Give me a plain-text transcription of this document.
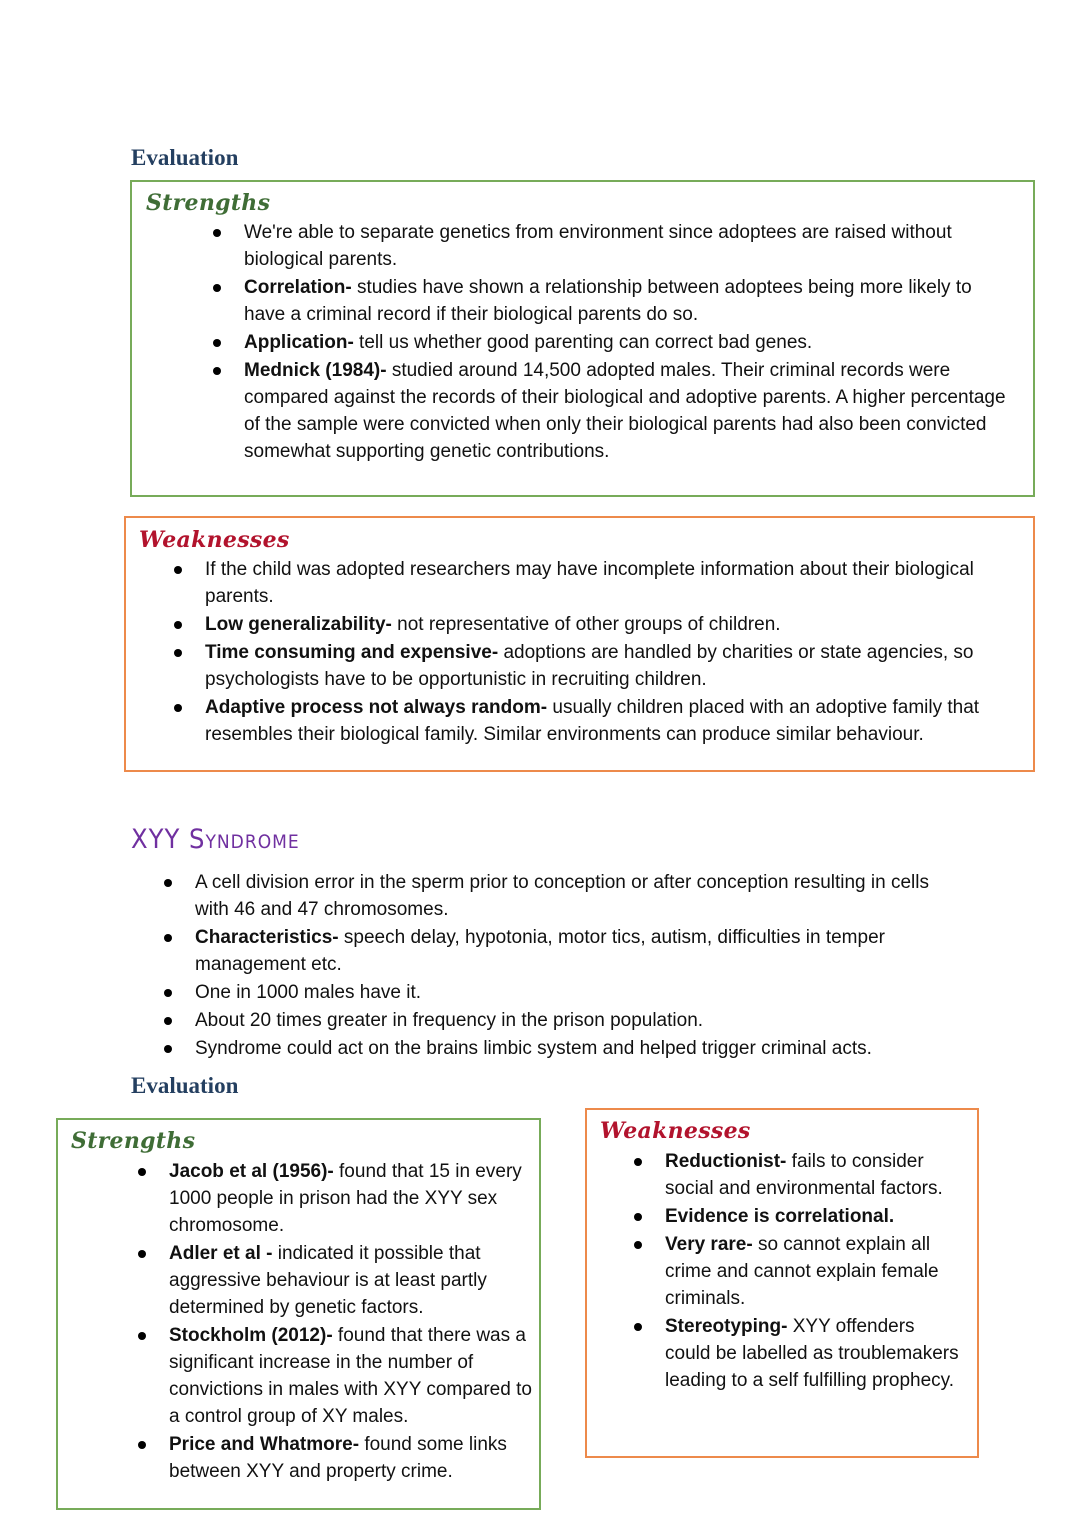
Evaluation
Strengths
We're able to separate genetics from environment since adoptees are raised without biological parents.
Correlation- studies have shown a relationship between adoptees being more likely to have a criminal record if their biological parents do so.
Application- tell us whether good parenting can correct bad genes.
Mednick (1984)- studied around 14,500 adopted males. Their criminal records were compared against the records of their biological and adoptive parents. A higher percentage of the sample were convicted when only their biological parents had also been convicted somewhat supporting genetic contributions.
Weaknesses
If the child was adopted researchers may have incomplete information about their biological parents.
Low generalizability- not representative of other groups of children.
Time consuming and expensive- adoptions are handled by charities or state agencies, so psychologists have to be opportunistic in recruiting children.
Adaptive process not always random- usually children placed with an adoptive family that resembles their biological family. Similar environments can produce similar behaviour.
XYY Syndrome
A cell division error in the sperm prior to conception or after conception resulting in cells with 46 and 47 chromosomes.
Characteristics- speech delay, hypotonia, motor tics, autism, difficulties in temper management etc.
One in 1000 males have it.
About 20 times greater in frequency in the prison population.
Syndrome could act on the brains limbic system and helped trigger criminal acts.
Evaluation
Strengths
Jacob et al (1956)- found that 15 in every 1000 people in prison had the XYY sex chromosome.
Adler et al - indicated it possible that aggressive behaviour is at least partly determined by genetic factors.
Stockholm (2012)- found that there was a significant increase in the number of convictions in males with XYY compared to a control group of XY males.
Price and Whatmore- found some links between XYY and property crime.
Weaknesses
Reductionist- fails to consider social and environmental factors.
Evidence is correlational.
Very rare- so cannot explain all crime and cannot explain female criminals.
Stereotyping- XYY offenders could be labelled as troublemakers leading to a self fulfilling prophecy.
